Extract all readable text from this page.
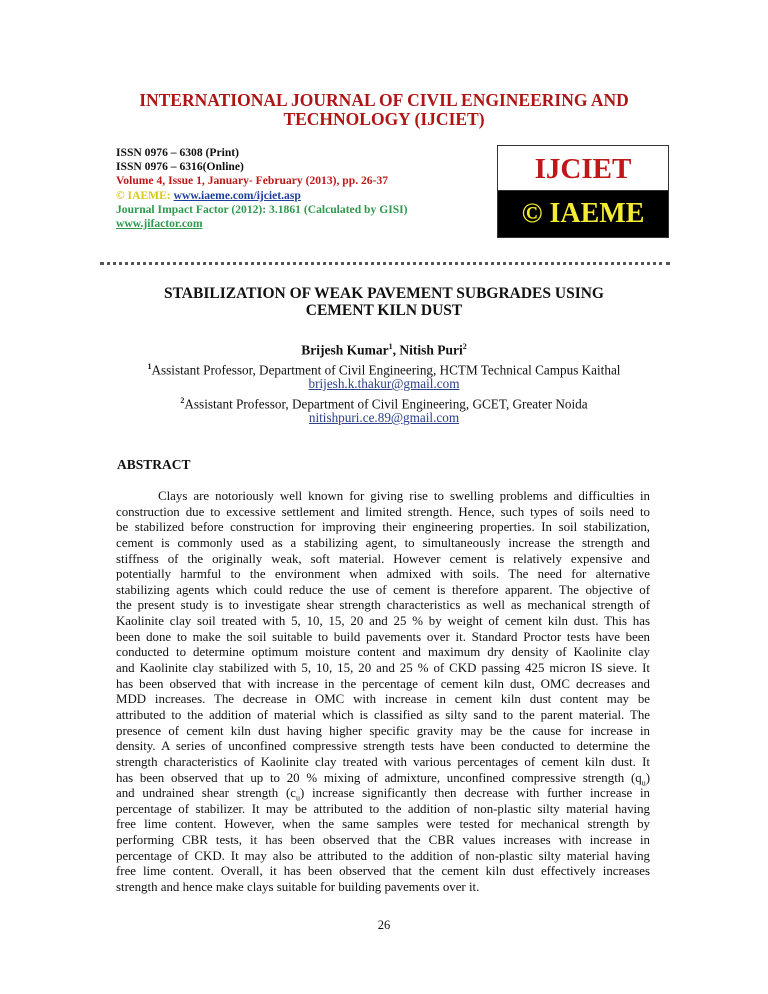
INTERNATIONAL JOURNAL OF CIVIL ENGINEERING AND
TECHNOLOGY (IJCIET)
ISSN 0976 – 6308 (Print)
ISSN 0976 – 6316(Online)
Volume 4, Issue 1, January- February (2013), pp. 26-37
© IAEME: www.iaeme.com/ijciet.asp
Journal Impact Factor (2012): 3.1861 (Calculated by GISI)
www.jifactor.com
IJCIET
© IAEME
STABILIZATION OF WEAK PAVEMENT SUBGRADES USING
CEMENT KILN DUST
Brijesh Kumar$^1$, Nitish Puri$^2$
$^1$Assistant Professor, Department of Civil Engineering, HCTM Technical Campus Kaithal
brijesh.k.thakur@gmail.com
$^2$Assistant Professor, Department of Civil Engineering, GCET, Greater Noida
nitishpuri.ce.89@gmail.com
ABSTRACT
Clays are notoriously well known for giving rise to swelling problems and difficulties in
construction due to excessive settlement and limited strength. Hence, such types of soils need to
be stabilized before construction for improving their engineering properties. In soil stabilization,
cement is commonly used as a stabilizing agent, to simultaneously increase the strength and
stiffness of the originally weak, soft material. However cement is relatively expensive and
potentially harmful to the environment when admixed with soils. The need for alternative
stabilizing agents which could reduce the use of cement is therefore apparent. The objective of
the present study is to investigate shear strength characteristics as well as mechanical strength of
Kaolinite clay soil treated with 5, 10, 15, 20 and 25 % by weight of cement kiln dust. This has
been done to make the soil suitable to build pavements over it. Standard Proctor tests have been
conducted to determine optimum moisture content and maximum dry density of Kaolinite clay
and Kaolinite clay stabilized with 5, 10, 15, 20 and 25 % of CKD passing 425 micron IS sieve. It
has been observed that with increase in the percentage of cement kiln dust, OMC decreases and
MDD increases. The decrease in OMC with increase in cement kiln dust content may be
attributed to the addition of material which is classified as silty sand to the parent material. The
presence of cement kiln dust having higher specific gravity may be the cause for increase in
density. A series of unconfined compressive strength tests have been conducted to determine the
strength characteristics of Kaolinite clay treated with various percentages of cement kiln dust. It
has been observed that up to 20 % mixing of admixture, unconfined compressive strength $(q_u)$
and undrained shear strength $(c_u)$ increase significantly then decrease with further increase in
percentage of stabilizer. It may be attributed to the addition of non-plastic silty material having
free lime content. However, when the same samples were tested for mechanical strength by
performing CBR tests, it has been observed that the CBR values increases with increase in
percentage of CKD. It may also be attributed to the addition of non-plastic silty material having
free lime content. Overall, it has been observed that the cement kiln dust effectively increases
strength and hence make clays suitable for building pavements over it.
26
